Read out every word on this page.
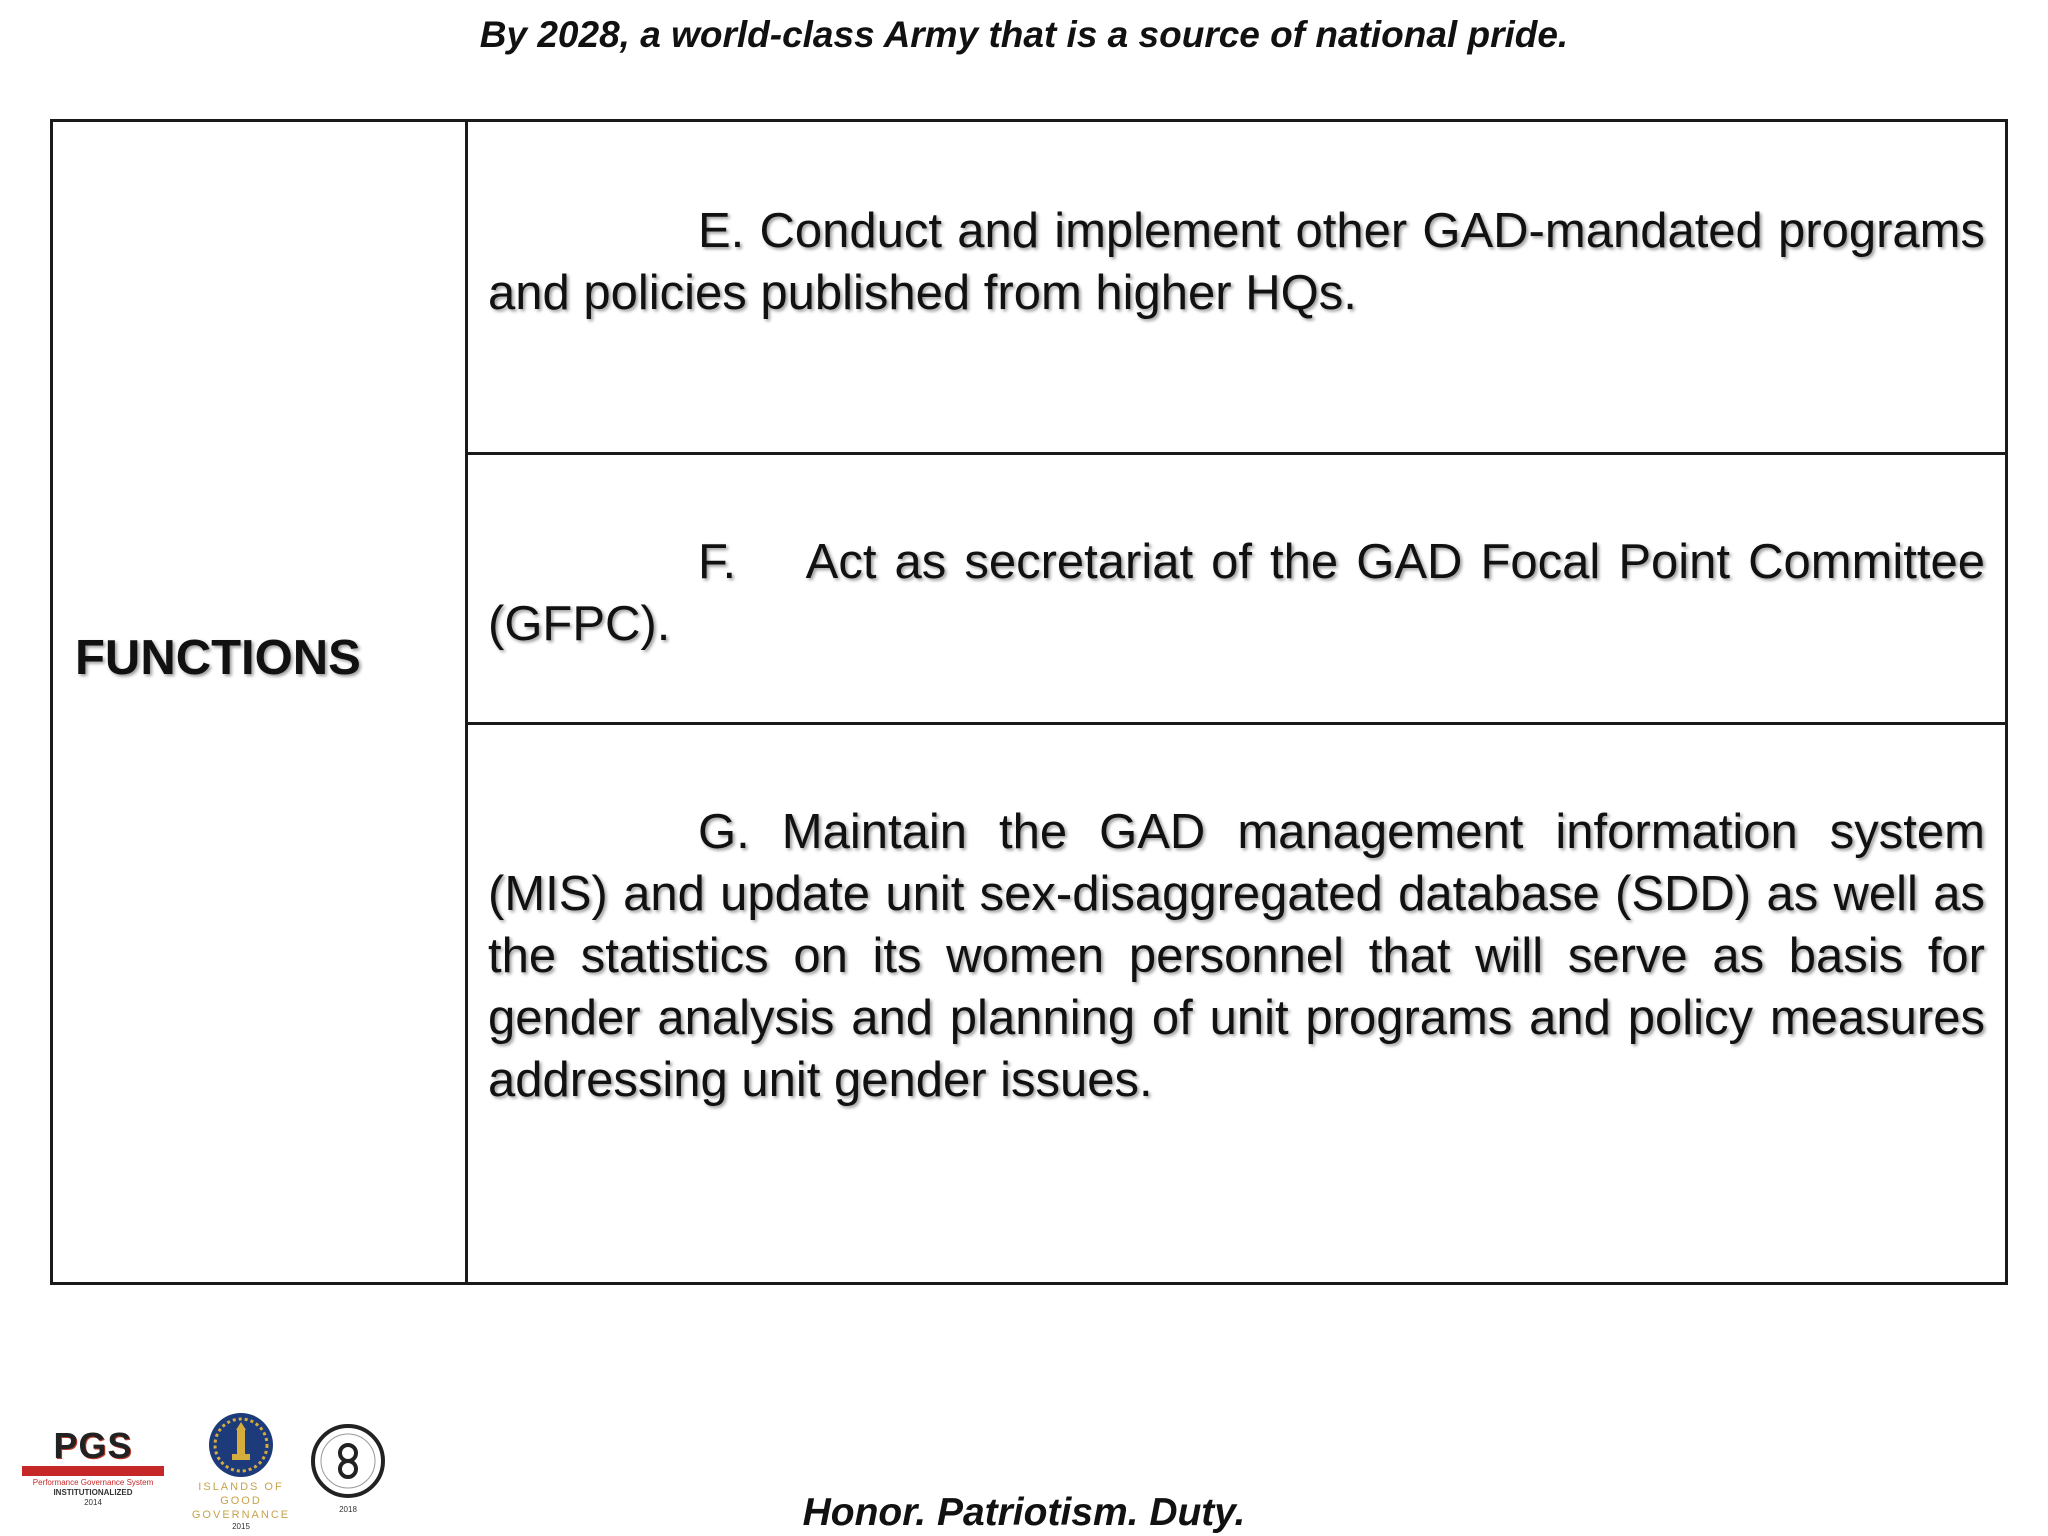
By 2028, a world-class Army that is a source of national pride.
FUNCTIONS

E. Conduct and implement other GAD-mandated programs and policies published from higher HQs.

F.    Act as secretariat of the GAD Focal Point Committee (GFPC).

G. Maintain the GAD management information system (MIS) and update unit sex-disaggregated database (SDD) as well as the statistics on its women personnel that will serve as basis for gender analysis and planning of unit programs and policy measures addressing unit gender issues.

PGS
Performance Governance System
INSTITUTIONALIZED
2014
ISLANDS OF GOOD GOVERNANCE
2015
2018	Honor. Patriotism. Duty.
